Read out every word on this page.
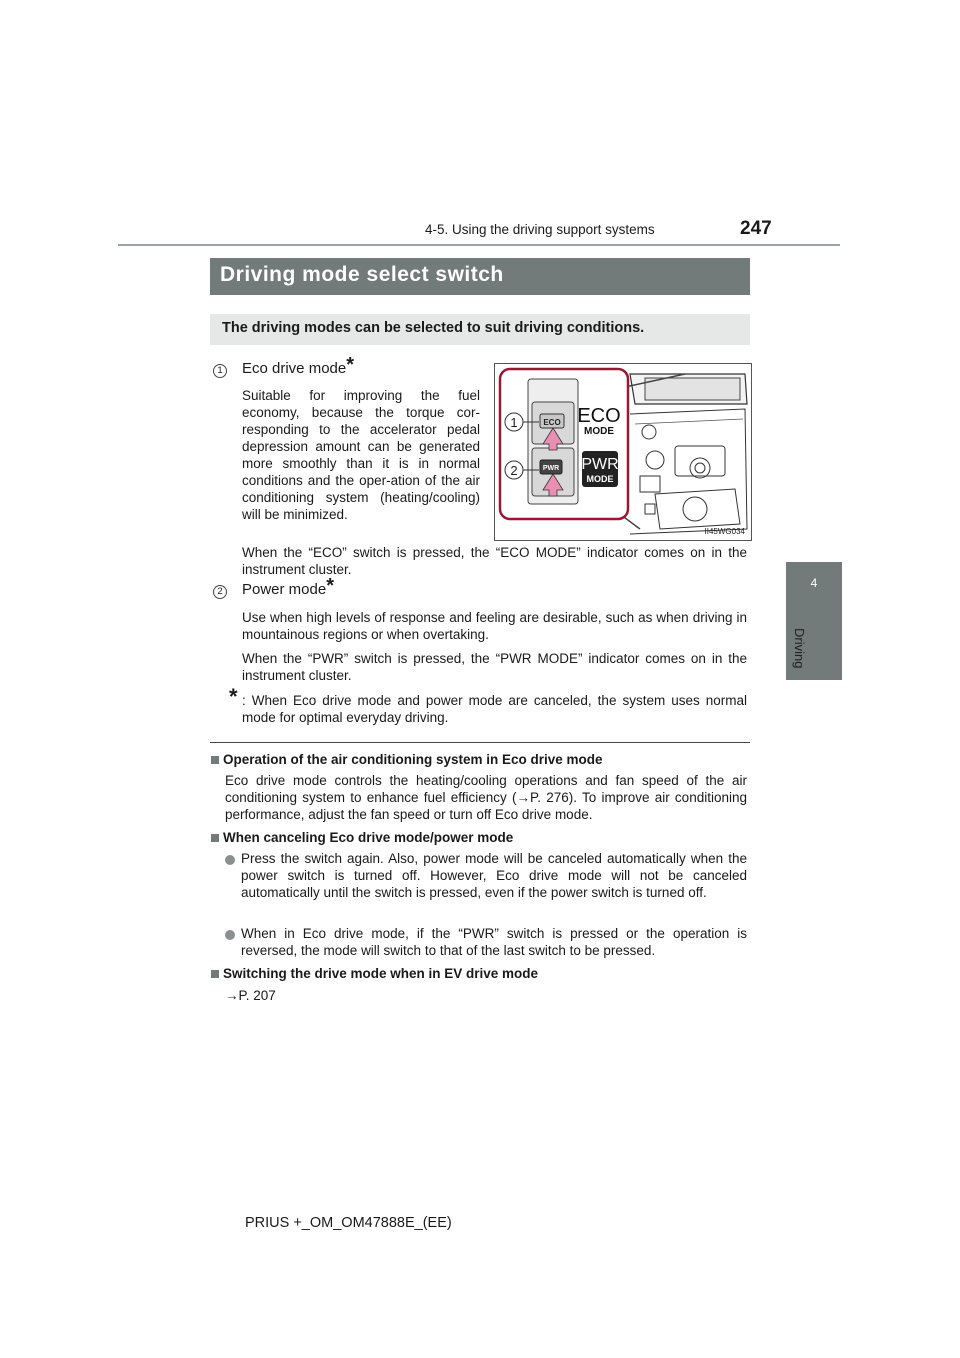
4-5. Using the driving support systems	247
4
Driving
Driving mode select switch
The driving modes can be selected to suit driving conditions.
1 Eco drive mode*
Suitable for improving the fuel economy, because the torque cor-responding to the accelerator pedal depression amount can be generated more smoothly than it is in normal conditions and the oper-ation of the air conditioning system (heating/cooling) will be minimized.
When the “ECO” switch is pressed, the “ECO MODE” indicator comes on in the instrument cluster.
ECO
PWR
1
2
ECO
MODE
PWR
MODE
II45WG034
2 Power mode*
Use when high levels of response and feeling are desirable, such as when driving in mountainous regions or when overtaking.
When the “PWR” switch is pressed, the “PWR MODE” indicator comes on in the instrument cluster.
* : When Eco drive mode and power mode are canceled, the system uses normal mode for optimal everyday driving.
Operation of the air conditioning system in Eco drive mode
Eco drive mode controls the heating/cooling operations and fan speed of the air conditioning system to enhance fuel efficiency (→P. 276). To improve air conditioning performance, adjust the fan speed or turn off Eco drive mode.
When canceling Eco drive mode/power mode
Press the switch again. Also, power mode will be canceled automatically when the power switch is turned off. However, Eco drive mode will not be canceled automatically until the switch is pressed, even if the power switch is turned off.
When in Eco drive mode, if the “PWR” switch is pressed or the operation is reversed, the mode will switch to that of the last switch to be pressed.
Switching the drive mode when in EV drive mode
→P. 207
PRIUS +_OM_OM47888E_(EE)
